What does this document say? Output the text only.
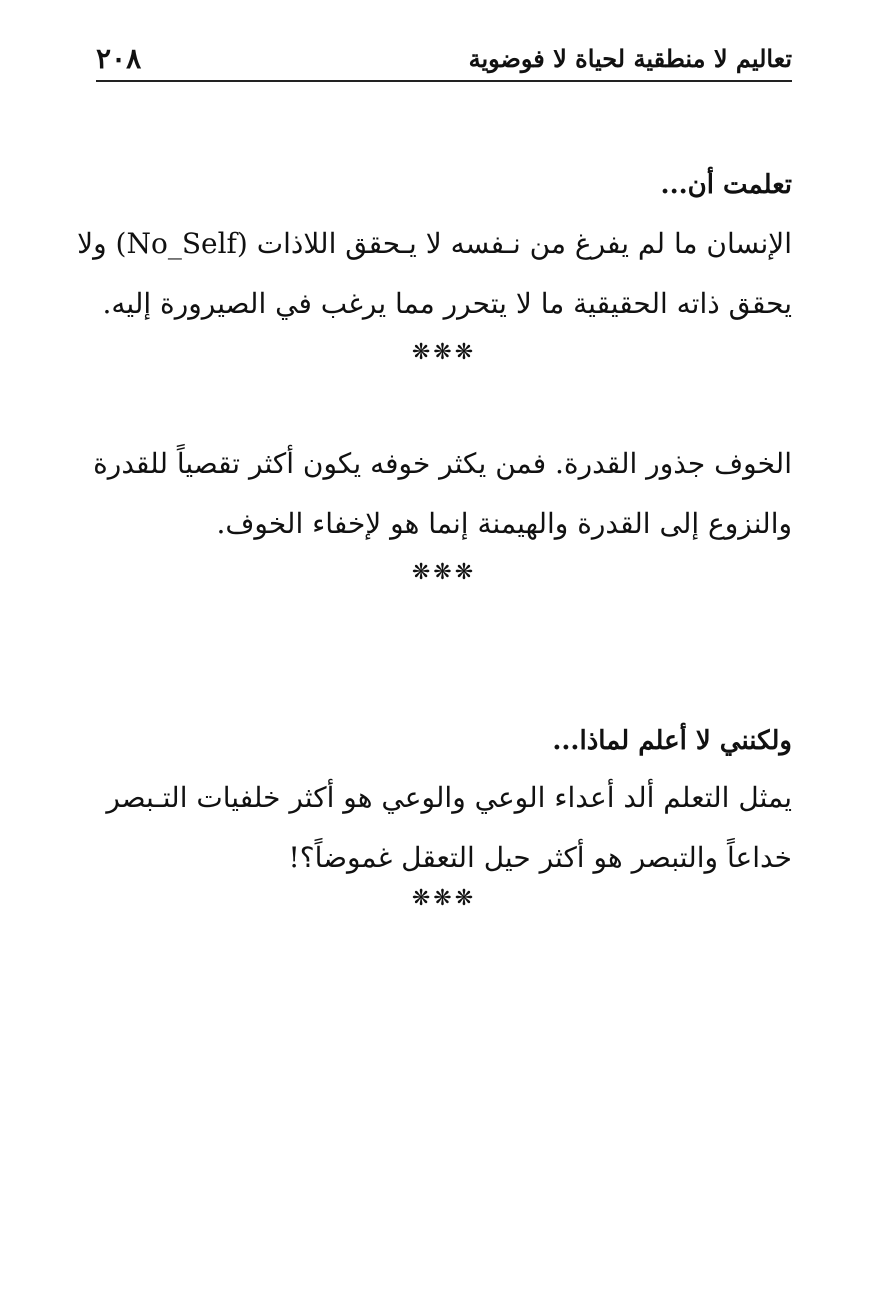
٢٠٨	تعاليم لا منطقية لحياة لا فوضوية
تعلمت أن...
الإنسان ما لم يفرغ من نـفسه لا يـحقق اللاذات (No_Self) ولا
يحقق ذاته الحقيقية ما لا يتحرر مما يرغب في الصيرورة إليه.
❋❋❋
الخوف جذور القدرة. فمن يكثر خوفه يكون أكثر تقصياً للقدرة
والنزوع إلى القدرة والهيمنة إنما هو لإخفاء الخوف.
❋❋❋
ولكنني لا أعلم لماذا...
يمثل التعلم ألد أعداء الوعي والوعي هو أكثر خلفيات التـبصر
خداعاً والتبصر هو أكثر حيل التعقل غموضاً؟!
❋❋❋
